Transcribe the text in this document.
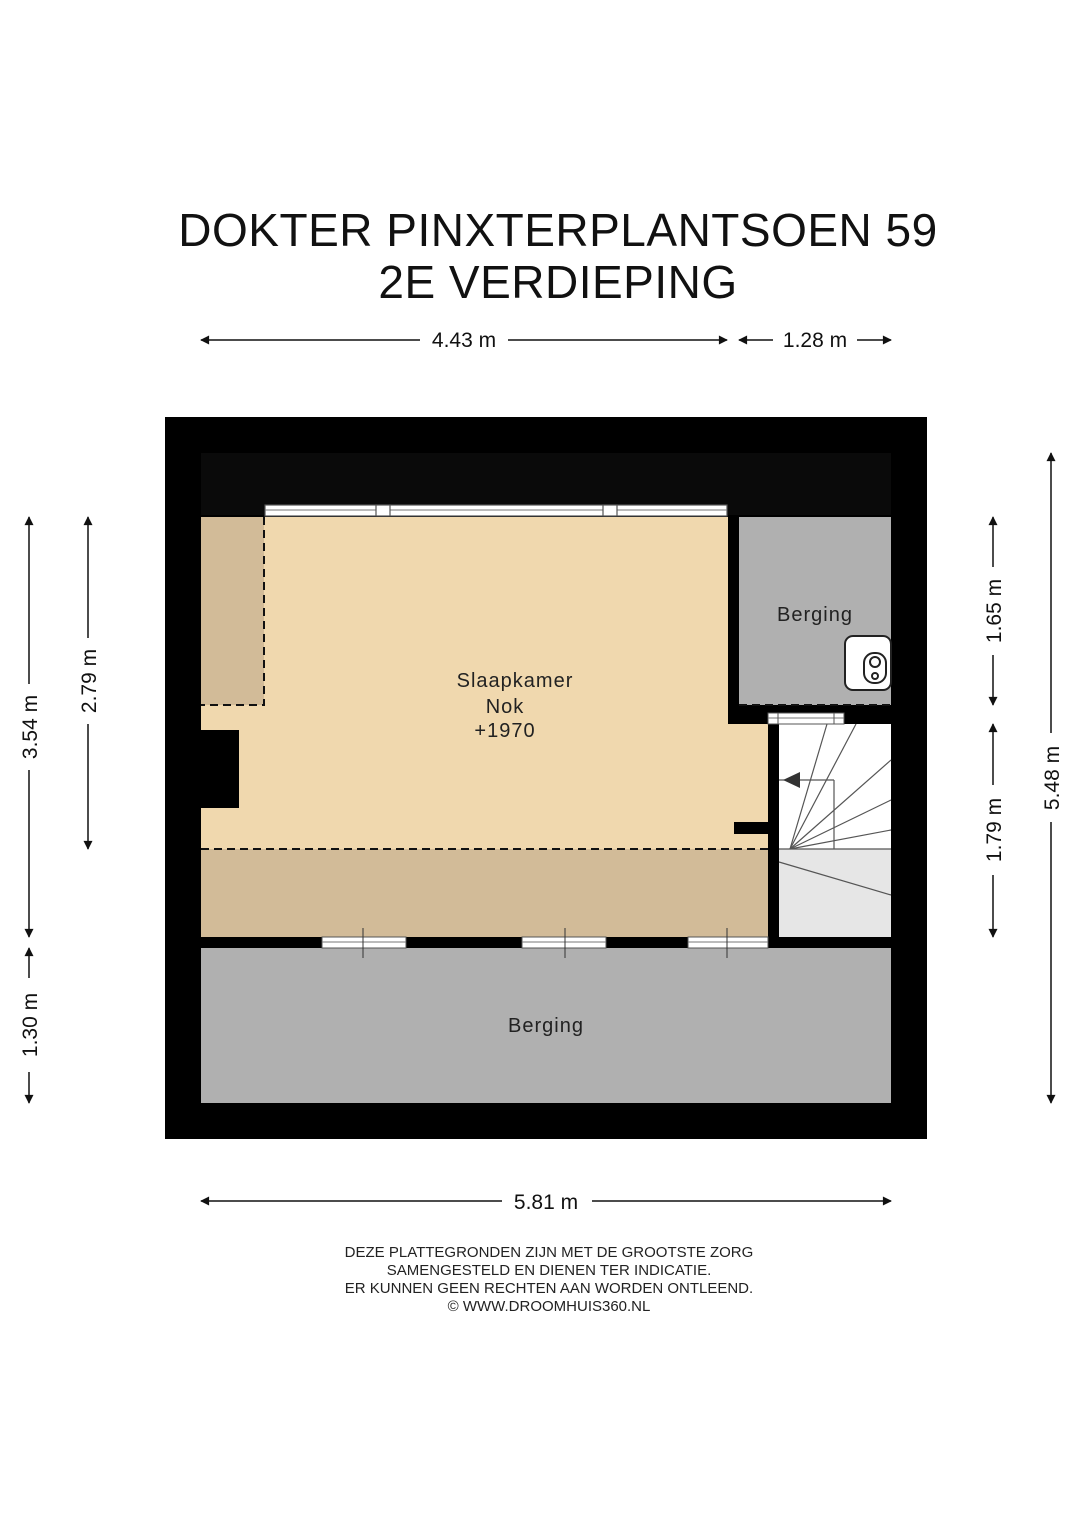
DOKTER PINXTERPLANTSOEN 59
2E VERDIEPING
Slaapkamer
Nok
+1970
Berging
Berging
4.43 m	1.28 m
5.81 m
3.54 m
2.79 m
1.30 m
1.65 m
1.79 m
5.48 m
DEZE PLATTEGRONDEN ZIJN MET DE GROOTSTE ZORG
SAMENGESTELD EN DIENEN TER INDICATIE.
ER KUNNEN GEEN RECHTEN AAN WORDEN ONTLEEND.
© WWW.DROOMHUIS360.NL
